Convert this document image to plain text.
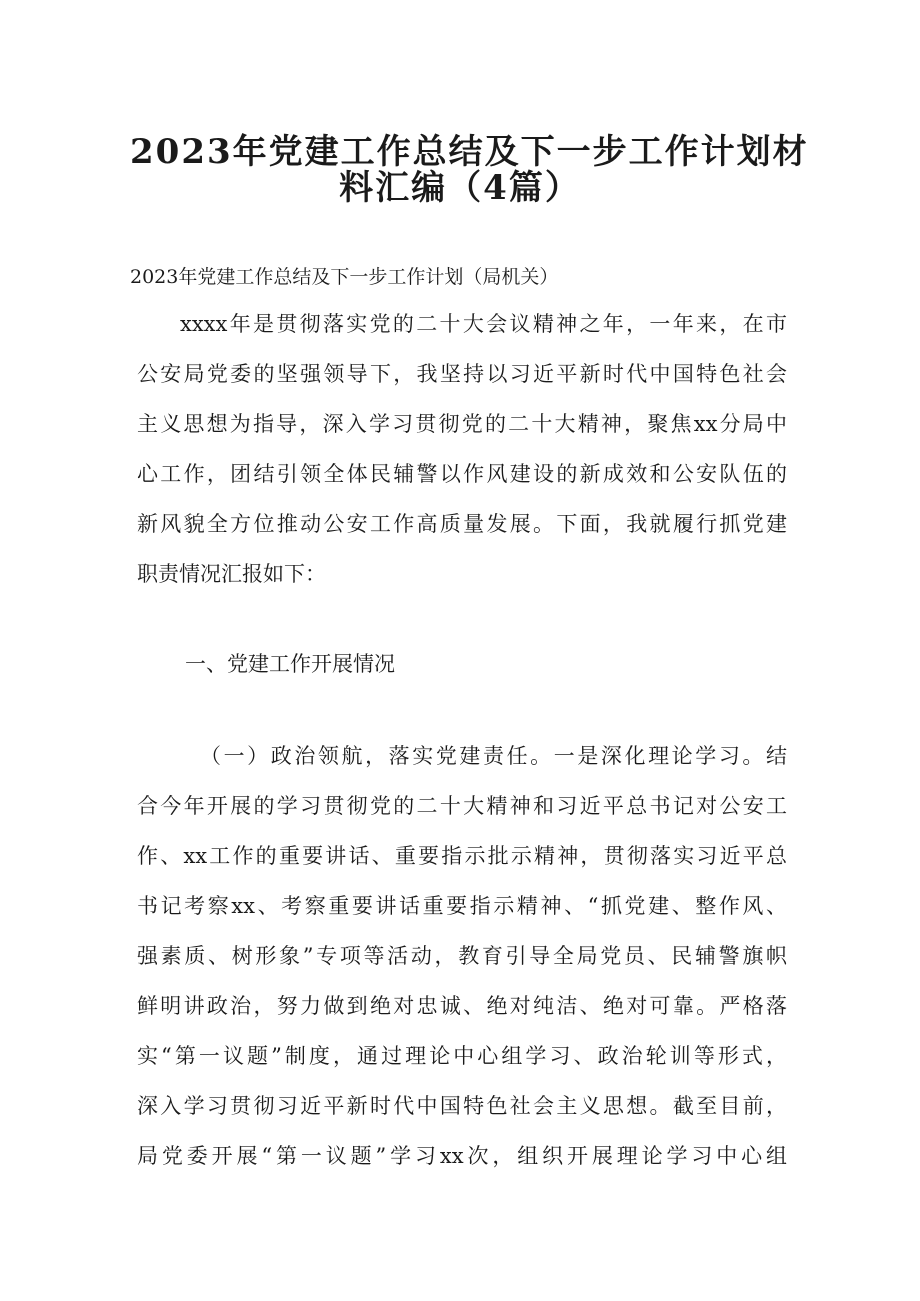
2023年党建工作总结及下一步工作计划材
料汇编（4篇）

2023年党建工作总结及下一步工作计划（局机关）

xxxx年是贯彻落实党的二十大会议精神之年，一年来，在市

公安局党委的坚强领导下，我坚持以习近平新时代中国特色社会

主义思想为指导，深入学习贯彻党的二十大精神，聚焦xx分局中

心工作，团结引领全体民辅警以作风建设的新成效和公安队伍的

新风貌全方位推动公安工作高质量发展。下面，我就履行抓党建

职责情况汇报如下：

一、党建工作开展情况

（一）政治领航，落实党建责任。一是深化理论学习。结

合今年开展的学习贯彻党的二十大精神和习近平总书记对公安工

作、xx工作的重要讲话、重要指示批示精神，贯彻落实习近平总

书记考察xx、考察重要讲话重要指示精神、“抓党建、整作风、

强素质、树形象”专项等活动，教育引导全局党员、民辅警旗帜

鲜明讲政治，努力做到绝对忠诚、绝对纯洁、绝对可靠。严格落

实“第一议题”制度，通过理论中心组学习、政治轮训等形式，

深入学习贯彻习近平新时代中国特色社会主义思想。截至目前，

局党委开展“第一议题”学习xx次，组织开展理论学习中心组
